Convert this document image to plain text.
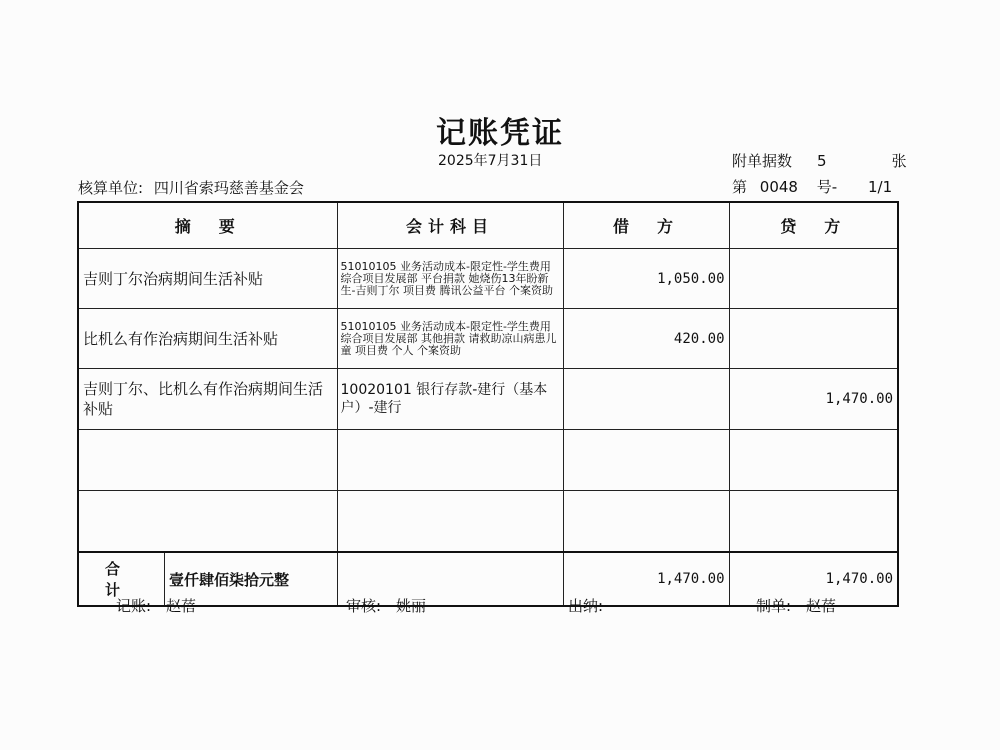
记账凭证
2025年7月31日	附单据数 5	张
核算单位: 四川省索玛慈善基金会	第 0048 号- 1/1
摘　要	会计科目	借　方	贷　方
吉则丁尔治病期间生活补贴	51010105 业务活动成本-限定性-学生费用 综合项目发展部 平台捐款 她烧伤13年盼新生-吉则丁尔 项目费 腾讯公益平台 个案资助	1,050.00	
比机么有作治病期间生活补贴	51010105 业务活动成本-限定性-学生费用 综合项目发展部 其他捐款 请救助凉山病患儿童 项目费 个人 个案资助	420.00	
吉则丁尔、比机么有作治病期间生活补贴	10020101 银行存款-建行（基本户）-建行		1,470.00

合　计
壹仟肆佰柒拾元整		1,470.00	1,470.00
记账:　赵蓓	审核:　姚丽	出纳:	制单:　赵蓓
